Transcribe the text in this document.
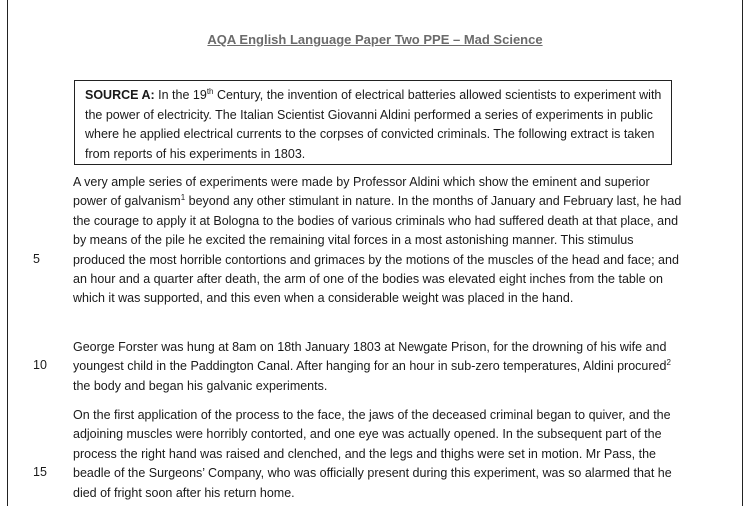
AQA English Language Paper Two PPE – Mad Science
SOURCE A: In the 19th Century, the invention of electrical batteries allowed scientists to experiment with the power of electricity. The Italian Scientist Giovanni Aldini performed a series of experiments in public where he applied electrical currents to the corpses of convicted criminals. The following extract is taken from reports of his experiments in 1803.
A very ample series of experiments were made by Professor Aldini which show the eminent and superior power of galvanism$^1$ beyond any other stimulant in nature. In the months of January and February last, he had the courage to apply it at Bologna to the bodies of various criminals who had suffered death at that place, and by means of the pile he excited the remaining vital forces in a most astonishing manner. This stimulus produced the most horrible contortions and grimaces by the motions of the muscles of the head and face; and an hour and a quarter after death, the arm of one of the bodies was elevated eight inches from the table on which it was supported, and this even when a considerable weight was placed in the hand.
George Forster was hung at 8am on 18th January 1803 at Newgate Prison, for the drowning of his wife and youngest child in the Paddington Canal. After hanging for an hour in sub-zero temperatures, Aldini procured$^2$ the body and began his galvanic experiments.
On the first application of the process to the face, the jaws of the deceased criminal began to quiver, and the adjoining muscles were horribly contorted, and one eye was actually opened. In the subsequent part of the process the right hand was raised and clenched, and the legs and thighs were set in motion. Mr Pass, the beadle of the Surgeons’ Company, who was officially present during this experiment, was so alarmed that he died of fright soon after his return home.
5
10
15
